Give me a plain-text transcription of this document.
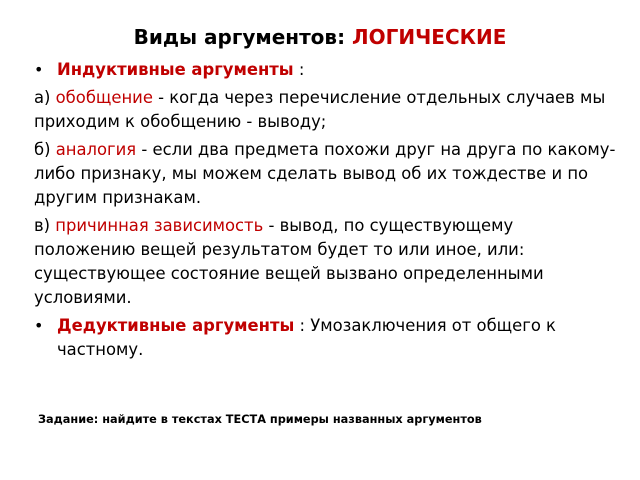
Виды аргументов: ЛОГИЧЕСКИЕ
• Индуктивные аргументы :

а) обобщение - когда через перечисление отдельных случаев мы приходим к обобщению - выводу;

б) аналогия - если два предмета похожи друг на друга по какому-либо признаку, мы можем сделать вывод об их тождестве и по другим признакам.

в) причинная зависимость - вывод, по существующему положению вещей результатом будет то или иное, или: существующее состояние вещей вызвано определенными условиями.

• Дедуктивные аргументы : Умозаключения от общего к частному.
Задание: найдите в текстах ТЕСТА примеры названных аргументов
